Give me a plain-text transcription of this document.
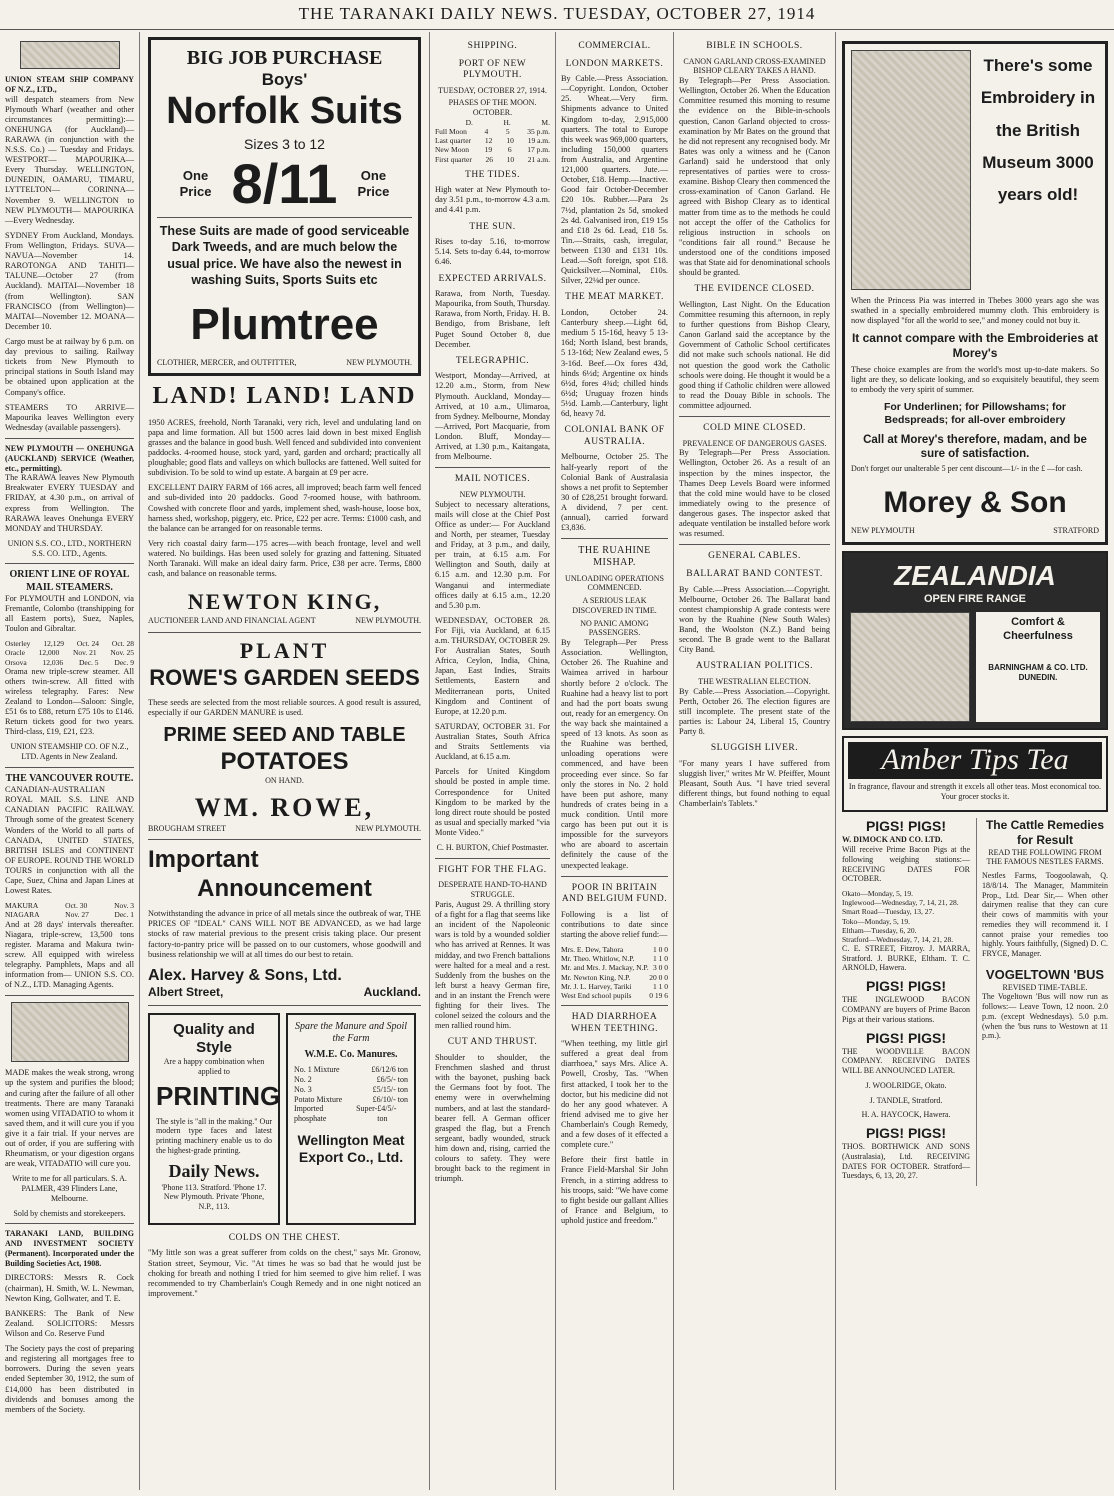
THE TARANAKI DAILY NEWS. TUESDAY, OCTOBER 27, 1914
UNION STEAM SHIP COMPANY OF N.Z., LTD.,

will despatch steamers from New Plymouth Wharf (weather and other circumstances permitting):— ONEHUNGA (for Auckland)— RARAWA (in conjunction with the N.S.S. Co.) — Tuesday and Fridays. WESTPORT— MAPOURIKA—Every Thursday. WELLINGTON, DUNEDIN, OAMARU, TIMARU, LYTTELTON— CORINNA—November 9. WELLINGTON to NEW PLYMOUTH— MAPOURIKA—Every Wednesday.

SYDNEY From Auckland, Mondays. From Wellington, Fridays. SUVA— NAVUA—November 14. RAROTONGA AND TAHITI— TALUNE—October 27 (from Auckland). MAITAI—November 18 (from Wellington). SAN FRANCISCO (from Wellington)— MAITAI—November 12. MOANA—December 10.

Cargo must be at railway by 6 p.m. on day previous to sailing. Railway tickets from New Plymouth to principal stations in South Island may be obtained upon application at the Company's office.

STEAMERS TO ARRIVE— Mapourika leaves Wellington every Wednesday (available passengers).

NEW PLYMOUTH — ONEHUNGA (AUCKLAND) SERVICE (Weather, etc., permitting).

The RARAWA leaves New Plymouth Breakwater EVERY TUESDAY and FRIDAY, at 4.30 p.m., on arrival of express from Wellington. The RARAWA leaves Onehunga EVERY MONDAY and THURSDAY.

UNION S.S. CO., LTD., NORTHERN S.S. CO. LTD., Agents.

ORIENT LINE OF ROYAL MAIL STEAMERS.

For PLYMOUTH and LONDON, via Fremantle, Colombo (transhipping for all Eastern ports), Suez, Naples, Toulon and Gibraltar.

Osterley 12,129 Oct. 24 Oct. 28
Oracle 12,000 Nov. 21 Nov. 25
Orsova 12,036 Dec. 5 Dec. 9

Orama new triple-screw steamer. All others twin-screw. All fitted with wireless telegraphy. Fares: New Zealand to London—Saloon: Single, £51 6s to £88, return £75 10s to £146. Return tickets good for two years. Third-class, £19, £21, £23.

UNION STEAMSHIP CO. OF N.Z., LTD. Agents in New Zealand.

THE VANCOUVER ROUTE.

CANADIAN-AUSTRALIAN ROYAL MAIL S.S. LINE AND CANADIAN PACIFIC RAILWAY. Through some of the greatest Scenery Wonders of the World to all parts of CANADA, UNITED STATES, BRITISH ISLES and CONTINENT OF EUROPE. ROUND THE WORLD TOURS in conjunction with all the Cape, Suez, China and Japan Lines at Lowest Rates.

MAKURA	Oct. 30	Nov. 3
NIAGARA	Nov. 27	Dec. 1

And at 28 days' intervals thereafter. Niagara, triple-screw, 13,500 tons register. Marama and Makura twin-screw. All equipped with wireless telegraphy. Pamphlets, Maps and all information from— UNION S.S. CO. of N.Z., LTD. Managing Agents.

MADE makes the weak strong, wrong up the system and purifies the blood; and curing after the failure of all other treatments. There are many Taranaki women using VITADATIO to whom it saved them, and it will cure you if you give it a fair trial. If your nerves are out of order, if you are suffering with Rheumatism, or your digestion organs are weak, VITADATIO will cure you.

Write to me for all particulars. S. A. PALMER, 439 Flinders Lane, Melbourne.

Sold by chemists and storekeepers.

TARANAKI LAND, BUILDING AND INVESTMENT SOCIETY (Permanent). Incorporated under the Building Societies Act, 1908.

DIRECTORS: Messrs R. Cock (chairman), H. Smith, W. L. Newman, Newton King, Gollwater, and T. E.

BANKERS: The Bank of New Zealand. SOLICITORS: Messrs Wilson and Co. Reserve Fund

The Society pays the cost of preparing and registering all mortgages free to borrowers. During the seven years ended September 30, 1912, the sum of £14,000 has been distributed in dividends and bonuses among the members of the Society.

BIG JOB PURCHASE
Boys'
Norfolk Suits
Sizes 3 to 12
One Price 8/11	One Price
These Suits are made of good serviceable Dark Tweeds, and are much below the usual price. We have also the newest in washing Suits, Sports Suits etc
Plumtree
CLOTHIER, MERCER, and OUTFITTER,	NEW PLYMOUTH.
LAND! LAND! LAND

1950 ACRES, freehold, North Taranaki, very rich, level and undulating land on papa and lime formation. All but 1500 acres laid down in best mixed English grasses and the balance in good bush. Well fenced and subdivided into convenient paddocks. 4-roomed house, stock yard, yard, garden and orchard; practically all ploughable; good flats and valleys on which bullocks are fattened. Well suited for subdivision. To be sold to wind up estate. A bargain at £9 per acre.

EXCELLENT DAIRY FARM of 166 acres, all improved; beach farm well fenced and sub-divided into 20 paddocks. Good 7-roomed house, with bathroom. Cowshed with concrete floor and yards, implement shed, wash-house, loose box, harness shed, workshop, piggery, etc. Price, £22 per acre. Terms: £1000 cash, and the balance can be arranged for on reasonable terms.

Very rich coastal dairy farm—175 acres—with beach frontage, level and well watered. No buildings. Has been used solely for grazing and fattening. Situated North Taranaki. Will make an ideal dairy farm. Price, £38 per acre. Terms, £800 cash, and balance on reasonable terms.

NEWTON KING,
AUCTIONEER LAND AND FINANCIAL AGENT	NEW PLYMOUTH.
PLANT
ROWE'S GARDEN SEEDS

These seeds are selected from the most reliable sources. A good result is assured, especially if our GARDEN MANURE is used.

PRIME SEED AND TABLE
POTATOES
ON HAND.
WM. ROWE,
BROUGHAM STREET	NEW PLYMOUTH.
Important
Announcement

Notwithstanding the advance in price of all metals since the outbreak of war, THE PRICES OF "IDEAL" CANS WILL NOT BE ADVANCED, as we had large stocks of raw material previous to the present crisis taking place. Our present factory-to-pantry price will be passed on to our customers, whose goodwill and business relationship we will at all times do our best to retain.

Alex. Harvey & Sons, Ltd.
Albert Street,	Auckland.
Quality and Style
Are a happy combination when applied to
PRINTING

The style is "all in the making." Our modern type faces and latest printing machinery enable us to do the highest-grade printing.

Daily News.

'Phone 113. Stratford. 'Phone 17. New Plymouth. Private 'Phone, N.P., 113.

Spare the Manure and Spoil the Farm
W.M.E. Co. Manures.
No. 1 Mixture	£6/12/6 ton
No. 2	£6/5/- ton
No. 3	£5/15/- ton
Potato Mixture	£6/10/- ton
Imported Super-phosphate
£4/5/- ton
Wellington Meat Export Co., Ltd.
COLDS ON THE CHEST.

"My little son was a great sufferer from colds on the chest," says Mr. Gronow, Station street, Seymour, Vic. "At times he was so bad that he would just be choking for breath and nothing I tried for him seemed to give him relief. I was recommended to try Chamberlain's Cough Remedy and in one night noticed an improvement."

SHIPPING.
PORT OF NEW PLYMOUTH.
TUESDAY, OCTOBER 27, 1914.
PHASES OF THE MOON. OCTOBER.
D.	H.	M.
Full Moon 4 5 35 p.m.
Last quarter 12 10 19 a.m.
New Moon 19 6 17 p.m.
First quarter 26 10 21 a.m.
THE TIDES.

High water at New Plymouth to-day 3.51 p.m., to-morrow 4.3 a.m. and 4.41 p.m.

THE SUN.

Rises to-day 5.16, to-morrow 5.14. Sets to-day 6.44, to-morrow 6.46.

EXPECTED ARRIVALS.

Rarawa, from North, Tuesday. Mapourika, from South, Thursday. Rarawa, from North, Friday. H. B. Bendigo, from Brisbane, left Puget Sound October 8, due December.

TELEGRAPHIC.

Westport, Monday—Arrived, at 12.20 a.m., Storm, from New Plymouth. Auckland, Monday—Arrived, at 10 a.m., Ulimaroa, from Sydney. Melbourne, Monday—Arrived, Port Macquarie, from London. Bluff, Monday—Arrived, at 1.30 p.m., Kaitangata, from Melbourne.

MAIL NOTICES.
NEW PLYMOUTH.

Subject to necessary alterations, mails will close at the Chief Post Office as under:— For Auckland and North, per steamer, Tuesday and Friday, at 3 p.m., and daily, per train, at 6.15 a.m. For Wellington and South, daily at 6.15 a.m. and 12.30 p.m. For Wanganui and intermediate offices daily at 6.15 a.m., 12.20 and 5.30 p.m.

WEDNESDAY, OCTOBER 28. For Fiji, via Auckland, at 6.15 a.m. THURSDAY, OCTOBER 29. For Australian States, South Africa, Ceylon, India, China, Japan, East Indies, Straits Settlements, Eastern and Mediterranean ports, United Kingdom and Continent of Europe, at 12.20 p.m.

SATURDAY, OCTOBER 31. For Australian States, South Africa and Straits Settlements via Auckland, at 6.15 a.m.

Parcels for United Kingdom should be posted in ample time. Correspondence for United Kingdom to be marked by the long direct route should be posted as usual and specially marked "via Monte Video."

C. H. BURTON, Chief Postmaster.

FIGHT FOR THE FLAG.
DESPERATE HAND-TO-HAND STRUGGLE.

Paris, August 29. A thrilling story of a fight for a flag that seems like an incident of the Napoleonic wars is told by a wounded soldier who has arrived at Rennes. It was midday, and two French battalions were halted for a meal and a rest. Suddenly from the bushes on the left burst a heavy German fire, and in an instant the French were fighting for their lives. The colonel seized the colours and the men rallied round him.

CUT AND THRUST.

Shoulder to shoulder, the Frenchmen slashed and thrust with the bayonet, pushing back the Germans foot by foot. The enemy were in overwhelming numbers, and at last the standard-bearer fell. A German officer grasped the flag, but a French sergeant, badly wounded, struck him down and, rising, carried the colours to safety. They were brought back to the regiment in triumph.

COMMERCIAL.
LONDON MARKETS.

By Cable.—Press Association.—Copyright. London, October 25. Wheat.—Very firm. Shipments advance to United Kingdom to-day, 2,915,000 quarters. The total to Europe this week was 969,000 quarters, including 150,000 quarters from Australia, and Argentine 121,000 quarters. Jute.—October, £18. Hemp.—Inactive. Good fair October-December £20 10s. Rubber.—Para 2s 7½d, plantation 2s 5d, smoked 2s 4d. Galvanised iron, £19 15s and £18 2s 6d. Lead, £18 5s. Tin.—Straits, cash, irregular, between £130 and £131 10s. Lead.—Soft foreign, spot £18. Quicksilver.—Nominal, £10s. Silver, 22⅛d per ounce.

THE MEAT MARKET.

London, October 24. Canterbury sheep.—Light 6d, medium 5 15-16d, heavy 5 13-16d; North Island, best brands, 5 13-16d; New Zealand ewes, 5 3-16d. Beef.—Ox fores 43d, hinds 6½d; Argentine ox hinds 6½d, fores 4¾d; chilled hinds 6½d; Uruguay frozen hinds 5½d. Lamb.—Canterbury, light 6d, heavy 7d.

COLONIAL BANK OF AUSTRALIA.

Melbourne, October 25. The half-yearly report of the Colonial Bank of Australasia shows a net profit to September 30 of £28,251 brought forward. A dividend, 7 per cent. (annual), carried forward £3,836.

THE RUAHINE MISHAP.
UNLOADING OPERATIONS COMMENCED.
A SERIOUS LEAK DISCOVERED IN TIME.
NO PANIC AMONG PASSENGERS.

By Telegraph—Per Press Association. Wellington, October 26. The Ruahine and Waimea arrived in harbour shortly before 2 o'clock. The Ruahine had a heavy list to port and had the port boats swung out, ready for an emergency. On the way back she maintained a speed of 13 knots. As soon as the Ruahine was berthed, unloading operations were commenced, and have been proceeding ever since. So far only the stores in No. 2 hold have been put ashore, many hundreds of crates being in a muck condition. Until more cargo has been put out it is impossible for the surveyors who are aboard to ascertain definitely the cause of the unexpected leakage.

POOR IN BRITAIN AND BELGIUM FUND.

Following is a list of contributions to date since starting the above relief fund:—

Mrs. E. Dew, Tahora	1 0 0
Mr. Theo. Whitlow, N.P. 1 1 0
Mr. and Mrs. J. Mackay, N.P. 3 0 0
Mr. Newton King, N.P.	20 0 0
Mr. J. L. Harvey, Tariki	1 1 0
West End school pupils 0 19 6
HAD DIARRHOEA WHEN TEETHING.

"When teething, my little girl suffered a great deal from diarrhoea," says Mrs. Alice A. Powell, Crosby, Tas. "When first attacked, I took her to the doctor, but his medicine did not do her any good whatever. A friend advised me to give her Chamberlain's Cough Remedy, and a few doses of it effected a complete cure."

Before their first battle in France Field-Marshal Sir John French, in a stirring address to his troops, said: "We have come to fight beside our gallant Allies of France and Belgium, to uphold justice and freedom."

BIBLE IN SCHOOLS.
CANON GARLAND CROSS-EXAMINED
BISHOP CLEARY TAKES A HAND.

By Telegraph—Per Press Association. Wellington, October 26. When the Education Committee resumed this morning to resume the evidence on the Bible-in-schools question, Canon Garland objected to cross-examination by Mr Bates on the ground that he did not represent any recognised body. Mr Bates was only a witness and he (Canon Garland) said he understood that only representatives of parties were to cross-examine. Bishop Cleary then commenced the cross-examination of Canon Garland. He agreed with Bishop Cleary as to identical matter from time as to the methods he could not accept the offer of the Catholics for religious instruction in schools on "conditions fair all round." Because he understood one of the conditions imposed was that State aid for denominational schools should be granted.

THE EVIDENCE CLOSED.

Wellington, Last Night. On the Education Committee resuming this afternoon, in reply to further questions from Bishop Cleary, Canon Garland said the acceptance by the Government of Catholic School certificates did not make such schools national. He did not question the good work the Catholic schools were doing. He thought it would be a good thing if Catholic children were allowed to read the Douay Bible in schools. The committee adjourned.

COLD MINE CLOSED.
PREVALENCE OF DANGEROUS GASES.

By Telegraph—Per Press Association. Wellington, October 26. As a result of an inspection by the mines inspector, the Thames Deep Levels Board were informed that the cold mine would have to be closed immediately owing to the presence of dangerous gases. The inspector asked that adequate ventilation be installed before work was resumed.

GENERAL CABLES.
BALLARAT BAND CONTEST.

By Cable.—Press Association.—Copyright. Melbourne, October 26. The Ballarat band contest championship A grade contests were won by the Ruahine (New South Wales) Band, the Woolston (N.Z.) Band being second. The B grade went to the Ballarat City Band.

AUSTRALIAN POLITICS.
THE WESTRALIAN ELECTION.

By Cable.—Press Association.—Copyright. Perth, October 26. The election figures are still incomplete. The present state of the parties is: Labour 24, Liberal 15, Country Party 8.

SLUGGISH LIVER.

"For many years I have suffered from sluggish liver," writes Mr W. Pfeiffer, Mount Pleasant, South Aus. "I have tried several different things, but found nothing to equal Chamberlain's Tablets."

There's some Embroidery in the British Museum 3000 years old!

When the Princess Pia was interred in Thebes 3000 years ago she was swathed in a specially embroidered mummy cloth. This embroidery is now displayed "for all the world to see," and money could not buy it.

It cannot compare with the Embroideries at Morey's

These choice examples are from the world's most up-to-date makers. So light are they, so delicate looking, and so exquisitely beautiful, they seem to embody the very spirit of summer.

For Underlinen; for Pillowshams; for Bedspreads; for all-over embroidery
Call at Morey's therefore, madam, and be sure of satisfaction.

Don't forget our unalterable 5 per cent discount—1/- in the £ —for cash.

Morey & Son
NEW PLYMOUTH	STRATFORD
ZEALANDIA
OPEN FIRE RANGE
Comfort & Cheerfulness
BARNINGHAM & CO. LTD. DUNEDIN.
Amber Tips Tea

In fragrance, flavour and strength it excels all other teas. Most economical too. Your grocer stocks it.

PIGS! PIGS!
W. DIMOCK AND CO. LTD.

Will receive Prime Bacon Pigs at the following weighing stations:— RECEIVING DATES FOR OCTOBER.

Okato—Monday, 5, 19.
Inglewood—Wednesday, 7, 14, 21, 28.
Smart Road—Tuesday, 13, 27.
Toko—Monday, 5, 19.
Eltham—Tuesday, 6, 20.
Stratford—Wednesday, 7, 14, 21, 28.

C. E. STREET, Fitzroy. J. MARRA, Stratford. J. BURKE, Eltham. T. C. ARNOLD, Hawera.

PIGS! PIGS!

THE INGLEWOOD BACON COMPANY are buyers of Prime Bacon Pigs at their various stations.

PIGS! PIGS!

THE WOODVILLE BACON COMPANY. RECEIVING DATES WILL BE ANNOUNCED LATER.

J. WOOLRIDGE, Okato.

J. TANDLE, Stratford.

H. A. HAYCOCK, Hawera.

PIGS! PIGS!

THOS. BORTHWICK AND SONS (Australasia), Ltd. RECEIVING DATES FOR OCTOBER. Stratford—Tuesdays, 6, 13, 20, 27.

The Cattle Remedies for Result
READ THE FOLLOWING FROM THE FAMOUS NESTLES FARMS.

Nestles Farms, Toogoolawah, Q. 18/8/14. The Manager, Mammitein Prop., Ltd. Dear Sir,— When other dairymen realise that they can cure their cows of mammitis with your remedies they will recommend it. I cannot praise your remedies too highly. Yours faithfully, (Signed) D. C. FRYCE, Manager.

VOGELTOWN 'BUS
REVISED TIME-TABLE.

The Vogeltown 'Bus will now run as follows:— Leave Town, 12 noon. 2.0 p.m. (except Wednesdays). 5.0 p.m. (when the 'bus runs to Westown at 11 p.m.).
